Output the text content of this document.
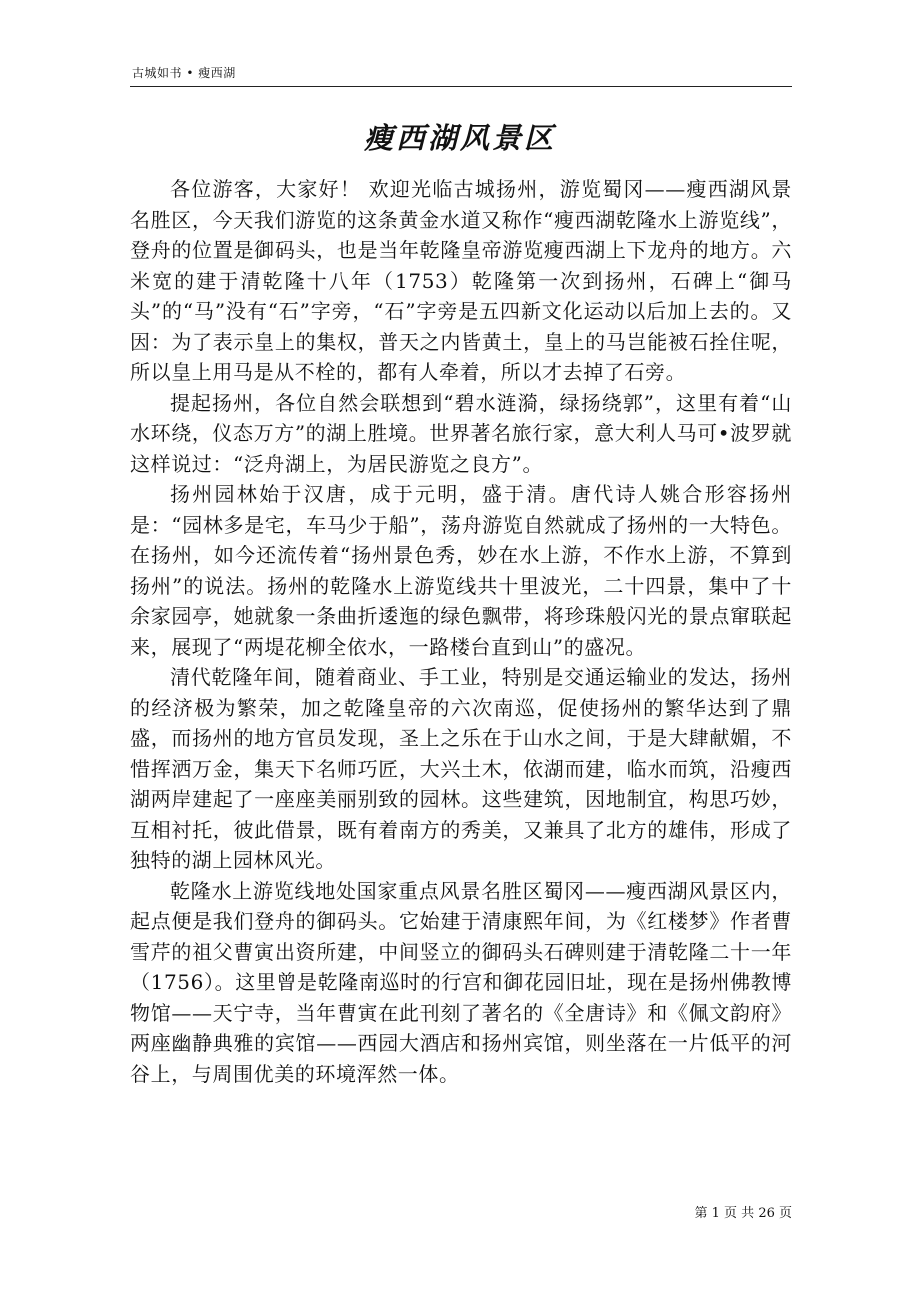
古城如书 • 瘦西湖
瘦西湖风景区

各位游客，大家好！ 欢迎光临古城扬州，游览蜀冈——瘦西湖风景名胜区，今天我们游览的这条黄金水道又称作“瘦西湖乾隆水上游览线”，登舟的位置是御码头，也是当年乾隆皇帝游览瘦西湖上下龙舟的地方。六米宽的建于清乾隆十八年（1753）乾隆第一次到扬州，石碑上“御马头”的“马”没有“石”字旁，“石”字旁是五四新文化运动以后加上去的。又因：为了表示皇上的集权，普天之内皆黄土，皇上的马岂能被石拴住呢，所以皇上用马是从不栓的，都有人牵着，所以才去掉了石旁。

提起扬州，各位自然会联想到“碧水涟漪，绿扬绕郭”，这里有着“山水环绕，仪态万方”的湖上胜境。世界著名旅行家，意大利人马可•波罗就这样说过：“泛舟湖上，为居民游览之良方”。

扬州园林始于汉唐，成于元明，盛于清。唐代诗人姚合形容扬州是：“园林多是宅，车马少于船”，荡舟游览自然就成了扬州的一大特色。在扬州，如今还流传着“扬州景色秀，妙在水上游，不作水上游，不算到扬州”的说法。扬州的乾隆水上游览线共十里波光，二十四景，集中了十余家园亭，她就象一条曲折逶迤的绿色飘带，将珍珠般闪光的景点窜联起来，展现了“两堤花柳全依水，一路楼台直到山”的盛况。

清代乾隆年间，随着商业、手工业，特别是交通运输业的发达，扬州的经济极为繁荣，加之乾隆皇帝的六次南巡，促使扬州的繁华达到了鼎盛，而扬州的地方官员发现，圣上之乐在于山水之间，于是大肆献媚，不惜挥洒万金，集天下名师巧匠，大兴土木，依湖而建，临水而筑，沿瘦西湖两岸建起了一座座美丽别致的园林。这些建筑，因地制宜，构思巧妙，互相衬托，彼此借景，既有着南方的秀美，又兼具了北方的雄伟，形成了独特的湖上园林风光。

乾隆水上游览线地处国家重点风景名胜区蜀冈——瘦西湖风景区内，起点便是我们登舟的御码头。它始建于清康熙年间，为《红楼梦》作者曹雪芹的祖父曹寅出资所建，中间竖立的御码头石碑则建于清乾隆二十一年（1756）。这里曾是乾隆南巡时的行宫和御花园旧址，现在是扬州佛教博物馆——天宁寺，当年曹寅在此刊刻了著名的《全唐诗》和《佩文韵府》两座幽静典雅的宾馆——西园大酒店和扬州宾馆，则坐落在一片低平的河谷上，与周围优美的环境浑然一体。

第 1 页 共 26 页
